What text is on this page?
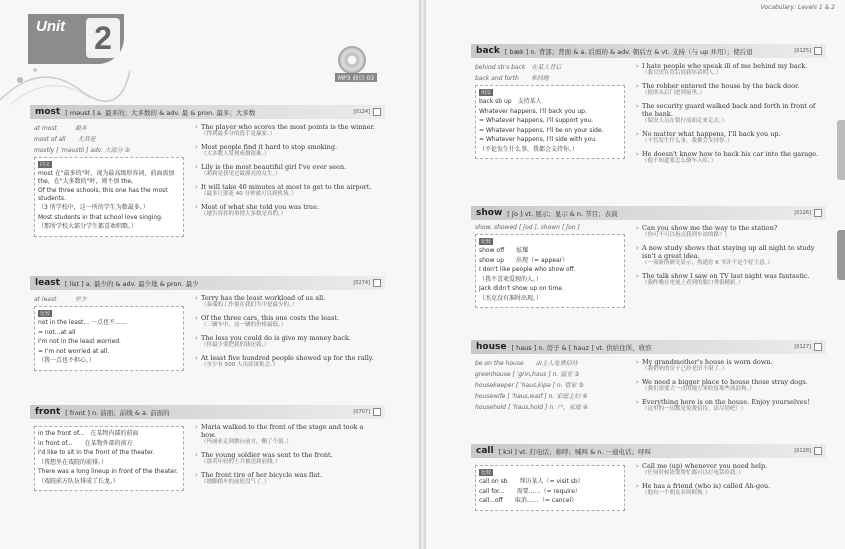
Unit 2
MP3 曲目 03
most [ məust ] a. 最多的；大多数的 & adv. 最 & pron. 最多；大多数	[0124]
at most　　　最多
most of all　　尤其是
mostly [ ˈməustli ] adv. 大部分 ②
同义
most 在"最多的"时，视为最高级形容词，前面需加 the，在"大多数的"时，则不加 the。
Of the three schools, this one has the most students.
（3 所学校中，这一所的学生为数最多。）
Most students in that school love singing.
（那所学校大部分学生都喜欢唱歌。）
› The player who scores the most points is the winner.
（得到最多分的选手是赢家。）
› Most people find it hard to stop smoking.
（大多数人发现戒烟很难。）
› Lily is the most beautiful girl I've ever seen.
（莉莉是我见过最漂亮的女生。）
› It will take 40 minutes at most to get to the airport.
（最多只要花 40 分钟就可以到机场。）
› Most of what she told you was true.
（她告诉你的事情大多数是真的。）
least [ list ] a. 最少的 & adv. 最少地 & pron. 最少	[0274]
at least　　　至少
比较
not in the least... 一点也不……
= not...at all
I'm not in the least worried.
= I'm not worried at all.
（我一点也不担心。）
› Terry has the least workload of us all.
（泰瑞的工作量在我们当中是最少的。）
› Of the three cars, this one costs the least.
（三辆车中，这一辆的价格最低。）
› The less you could do is give my money back.
（你最少要把我的钱还我。）
› At least five hundred people showed up for the rally.
（至少有 500 人出席该集会。）
front [ frʌnt ] n. 前面；前线 & a. 前面的	[0707]
in the front of...　在某物内部的前面
in front of...　　在某物外部的前方
I'd like to sit in the front of the theater.
（我想坐在戏院的前排。）
There was a long lineup in front of the theater.
（戏院前方队伍排成了长龙。）
› Maria walked to the front of the stage and took a bow.
（玛丽亚走到舞台前方，鞠了个躬。）
› The young soldier was sent to the front.
（那名年轻的士兵被送到前线。）
› The front tire of her bicycle was flat.
（她脚踏车的前轮没气了。）
Vocabulary: Levels 1 & 2
back [ bæk ] n. 背部；背面 & a. 后面的 & adv. 朝后方 & vt. 支持（与 up 并用）；使后退	[0125]
behind sb's back　在某人背后
back and forth　　来回地
用法
back sb up　支持某人
Whatever happens, I'll back you up.
= Whatever happens, I'll support you.
= Whatever happens, I'll be on your side.
= Whatever happens, I'll side with you.
（不论发生什么事，我都会支持你。）
› I hate people who speak ill of me behind my back.
（我讨厌在背后说我坏话的人。）
› The robber entered the house by the back door.
（抢匪从后门进到屋里。）
› The security guard walked back and forth in front of the bank.
（保安人员在银行前面走来走去。）
› No matter what happens, I'll back you up.
（不管发生什么事，我都会支持你。）
› He doesn't know how to back his car into the garage.
（他不知道要怎么倒车入库。）
show [ ʃo ] vt. 展示；显示 & n. 节目；表演	[0126]
show, showed [ ʃod ], shown [ ʃon ]
比较
show off　　炫耀
show up　　出现（= appear）
I don't like people who show off.
（我不喜欢爱现的人。）
Jack didn't show up on time.
（杰克没有准时出现。）
› Can you show me the way to the station?
（你可不可以指点我到车站的路？）
› A new study shows that staying up all night to study isn't a great idea.
（一项新的研究显示，熬通宵 K 书并不是个好主意。）
› The talk show I saw on TV last night was fantastic.
（我昨晚在电视上看到的脱口秀很精彩。）
house [ haus ] n. 房子 & [ hauz ] vt. 供给住所，收容	[0127]
be on the house　　由主人免费招待
greenhouse [ ˈgrin,haus ] n. 温室 ③
housekeeper [ ˈhaus,kipə ] n. 管家 ③
housewife [ ˈhaus,waɪf ] n. 家庭主妇 ④
household [ ˈhaus,hold ] n. 户，家庭 ④
› My grandmother's house is worn down.
（我奶奶的房子已经老旧不堪了。）
› We need a bigger place to house those stray dogs.
（我们需要大一点的地方来收留那些流浪狗。）
› Everything here is on the house. Enjoy yourselves!
（这里的一切都是免费招待，请尽情吧！）
call [ kɔl ] vt. 打电话；称呼；喊叫 & n. 一通电话；呼叫	[0128]
比较
call on sb　　拜访某人（= visit sb）
call for...　　需要……（= require）
call...off　　取消……（= cancel）
› Call me (up) whenever you need help.
（任何时候需要帮忙都可以打电话给我。）
› He has a friend (who is) called Ah-gou.
（他有一个朋友名叫阿狗。）
